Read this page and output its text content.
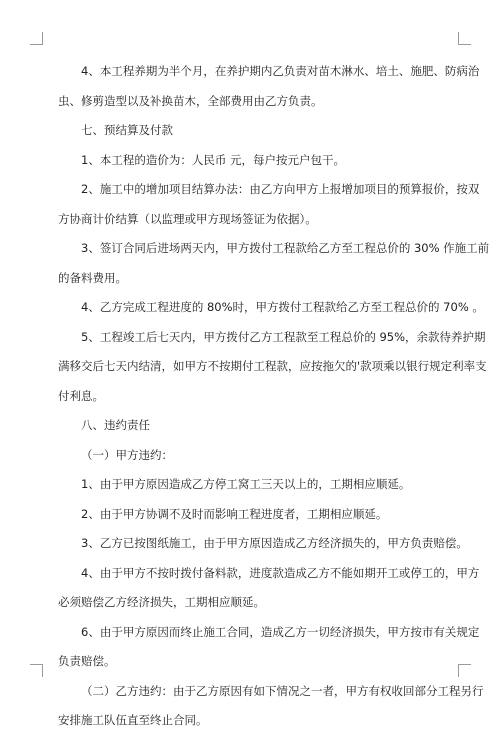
4、本工程养期为半个月，在养护期内乙负责对苗木淋水、培土、施肥、防病治

虫、修剪造型以及补换苗木，全部费用由乙方负责。

七、预结算及付款

1、本工程的造价为：人民币 元，每户按元户包干。

2、施工中的增加项目结算办法：由乙方向甲方上报增加项目的预算报价，按双

方协商计价结算（以监理或甲方现场签证为依据）。

3、签订合同后进场两天内，甲方拨付工程款给乙方至工程总价的 30% 作施工前

的备料费用。

4、乙方完成工程进度的 80%时，甲方拨付工程款给乙方至工程总价的 70% 。

5、工程竣工后七天内，甲方拨付乙方工程款至工程总价的 95%，余款待养护期

满移交后七天内结清，如甲方不按期付工程款，应按拖欠的'款项乘以银行规定利率支

付利息。

八、违约责任

（一）甲方违约：

1、由于甲方原因造成乙方停工窝工三天以上的，工期相应顺延。

2、由于甲方协调不及时而影响工程进度者，工期相应顺延。

3、乙方已按图纸施工，由于甲方原因造成乙方经济损失的，甲方负责赔偿。

4、由于甲方不按时拨付备料款，进度款造成乙方不能如期开工或停工的，甲方

必须赔偿乙方经济损失，工期相应顺延。

6、由于甲方原因而终止施工合同，造成乙方一切经济损失，甲方按市有关规定

负责赔偿。

（二）乙方违约：由于乙方原因有如下情况之一者，甲方有权收回部分工程另行

安排施工队伍直至终止合同。
